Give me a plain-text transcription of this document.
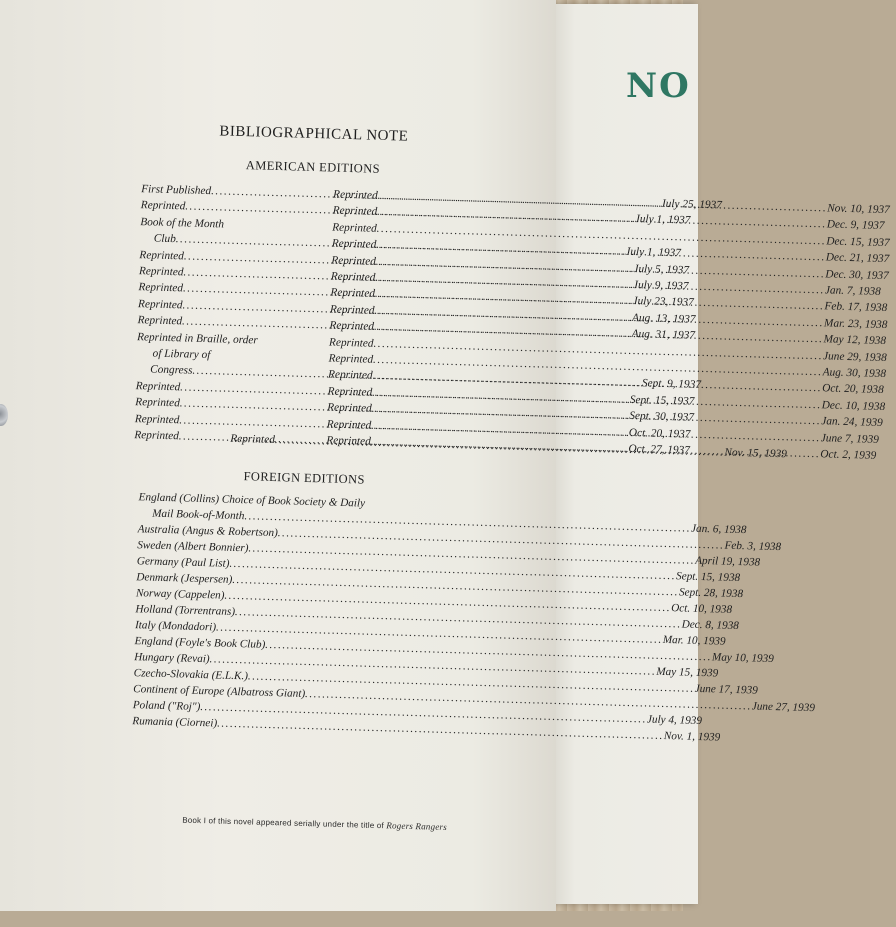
NO
BIBLIOGRAPHICAL NOTE
AMERICAN EDITIONS
First Published
.....
July 25, 1937
Reprinted
.....
July 1, 1937
Book of the Month
Club
.....
July 1, 1937
Reprinted
.....
July 5, 1937
Reprinted
.....
July 9, 1937
Reprinted
.....
July 23, 1937
Reprinted
.....
Aug. 13, 1937
Reprinted
.....
Aug. 31, 1937
Reprinted in Braille, order
of Library of
Congress
.....
Sept. 9, 1937
Reprinted
.....
Sept. 15, 1937
Reprinted
.....
Sept. 30, 1937
Reprinted
.....
Oct. 20, 1937
Reprinted
.....
Oct. 27, 1937
Reprinted
.....
Nov. 10, 1937
Reprinted
.....
Dec. 9, 1937
Reprinted
.....
Dec. 15, 1937
Reprinted
.....
Dec. 21, 1937
Reprinted
.....
Dec. 30, 1937
Reprinted
.....
Jan. 7, 1938
Reprinted
.....
Feb. 17, 1938
Reprinted
.....
Mar. 23, 1938
Reprinted
.....
May 12, 1938
Reprinted
.....
June 29, 1938
Reprinted
.....
Aug. 30, 1938
Reprinted
.....
Oct. 20, 1938
Reprinted
.....
Dec. 10, 1938
Reprinted
.....
Jan. 24, 1939
Reprinted
.....
June 7, 1939
Reprinted
.....
Oct. 2, 1939
Reprinted
.....
Nov. 15, 1939
FOREIGN EDITIONS
England (Collins) Choice of Book Society & Daily
Mail Book-of-Month
.....
Jan. 6, 1938
Australia (Angus & Robertson)
.....
Feb. 3, 1938
Sweden (Albert Bonnier)
.....
April 19, 1938
Germany (Paul List)
.....
Sept. 15, 1938
Denmark (Jespersen)
.....
Sept. 28, 1938
Norway (Cappelen)
.....
Oct. 10, 1938
Holland (Torrentrans)
.....
Dec. 8, 1938
Italy (Mondadori)
.....
Mar. 10, 1939
England (Foyle's Book Club)
.....
May 10, 1939
Hungary (Revai)
.....
May 15, 1939
Czecho-Slovakia (E.L.K.)
.....
June 17, 1939
Continent of Europe (Albatross Giant)
.....
June 27, 1939
Poland ("Roj")
.....
July 4, 1939
Rumania (Ciornei)
.....
Nov. 1, 1939
Book I of this novel appeared serially under the title of Rogers Rangers
